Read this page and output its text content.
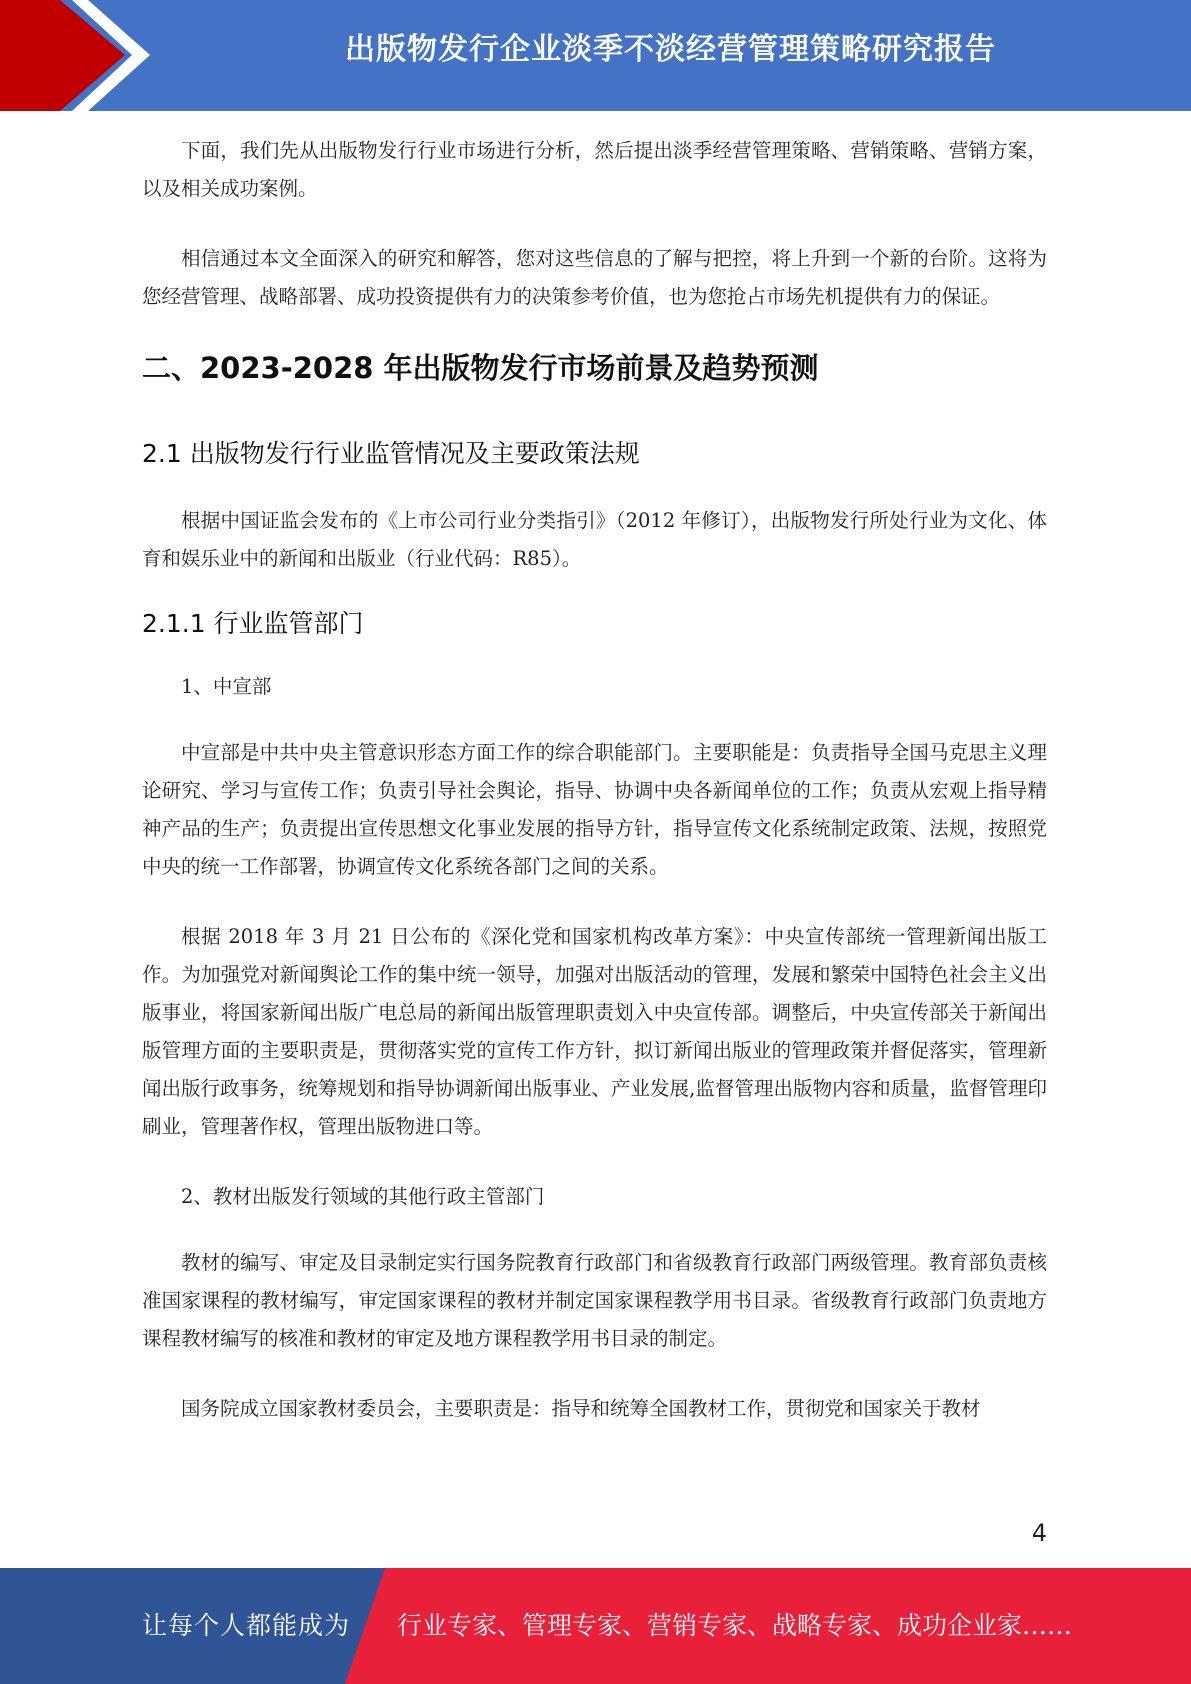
出版物发行企业淡季不淡经营管理策略研究报告

下面，我们先从出版物发行行业市场进行分析，然后提出淡季经营管理策略、营销策略、营销方案，以及相关成功案例。

相信通过本文全面深入的研究和解答，您对这些信息的了解与把控，将上升到一个新的台阶。这将为您经营管理、战略部署、成功投资提供有力的决策参考价值，也为您抢占市场先机提供有力的保证。

二、2023-2028 年出版物发行市场前景及趋势预测
2.1 出版物发行行业监管情况及主要政策法规

根据中国证监会发布的《上市公司行业分类指引》（2012 年修订），出版物发行所处行业为文化、体育和娱乐业中的新闻和出版业（行业代码：R85）。

2.1.1 行业监管部门

1、中宣部

中宣部是中共中央主管意识形态方面工作的综合职能部门。主要职能是：负责指导全国马克思主义理论研究、学习与宣传工作；负责引导社会舆论，指导、协调中央各新闻单位的工作；负责从宏观上指导精神产品的生产；负责提出宣传思想文化事业发展的指导方针，指导宣传文化系统制定政策、法规，按照党中央的统一工作部署，协调宣传文化系统各部门之间的关系。

根据 2018 年 3 月 21 日公布的《深化党和国家机构改革方案》：中央宣传部统一管理新闻出版工作。为加强党对新闻舆论工作的集中统一领导，加强对出版活动的管理，发展和繁荣中国特色社会主义出版事业，将国家新闻出版广电总局的新闻出版管理职责划入中央宣传部。调整后，中央宣传部关于新闻出版管理方面的主要职责是，贯彻落实党的宣传工作方针，拟订新闻出版业的管理政策并督促落实，管理新闻出版行政事务，统筹规划和指导协调新闻出版事业、产业发展,监督管理出版物内容和质量，监督管理印刷业，管理著作权，管理出版物进口等。

2、教材出版发行领域的其他行政主管部门

教材的编写、审定及目录制定实行国务院教育行政部门和省级教育行政部门两级管理。教育部负责核准国家课程的教材编写，审定国家课程的教材并制定国家课程教学用书目录。省级教育行政部门负责地方课程教材编写的核准和教材的审定及地方课程教学用书目录的制定。

国务院成立国家教材委员会，主要职责是：指导和统筹全国教材工作，贯彻党和国家关于教材

4
让每个人都能成为 行业专家、管理专家、营销专家、战略专家、成功企业家……
